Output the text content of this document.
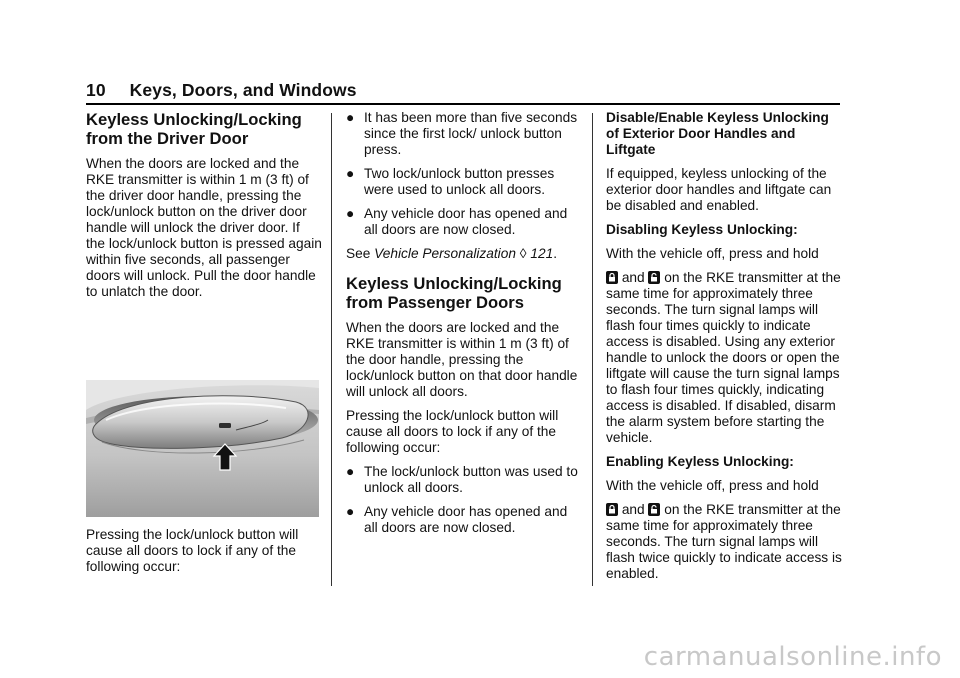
10 Keys, Doors, and Windows
Keyless Unlocking/Locking from the Driver Door

When the doors are locked and the RKE transmitter is within 1 m (3 ft) of the driver door handle, pressing the lock/unlock button on the driver door handle will unlock the driver door. If the lock/unlock button is pressed again within five seconds, all passenger doors will unlock. Pull the door handle to unlatch the door.

Pressing the lock/unlock button will cause all doors to lock if any of the following occur:

● It has been more than five seconds since the first lock/ unlock button press.
● Two lock/unlock button presses were used to unlock all doors.
● Any vehicle door has opened and all doors are now closed.

See Vehicle Personalization ◊ 121.

Keyless Unlocking/Locking from Passenger Doors

When the doors are locked and the RKE transmitter is within 1 m (3 ft) of the door handle, pressing the lock/unlock button on that door handle will unlock all doors.

Pressing the lock/unlock button will cause all doors to lock if any of the following occur:

● The lock/unlock button was used to unlock all doors.
● Any vehicle door has opened and all doors are now closed.
Disable/Enable Keyless Unlocking of Exterior Door Handles and Liftgate

If equipped, keyless unlocking of the exterior door handles and liftgate can be disabled and enabled.

Disabling Keyless Unlocking:

With the vehicle off, press and hold

and on the RKE transmitter at the same time for approximately three seconds. The turn signal lamps will flash four times quickly to indicate access is disabled. Using any exterior handle to unlock the doors or open the liftgate will cause the turn signal lamps to flash four times quickly, indicating access is disabled. If disabled, disarm the alarm system before starting the vehicle.

Enabling Keyless Unlocking:

With the vehicle off, press and hold

and on the RKE transmitter at the same time for approximately three seconds. The turn signal lamps will flash twice quickly to indicate access is enabled.

carmanualsonline.info
